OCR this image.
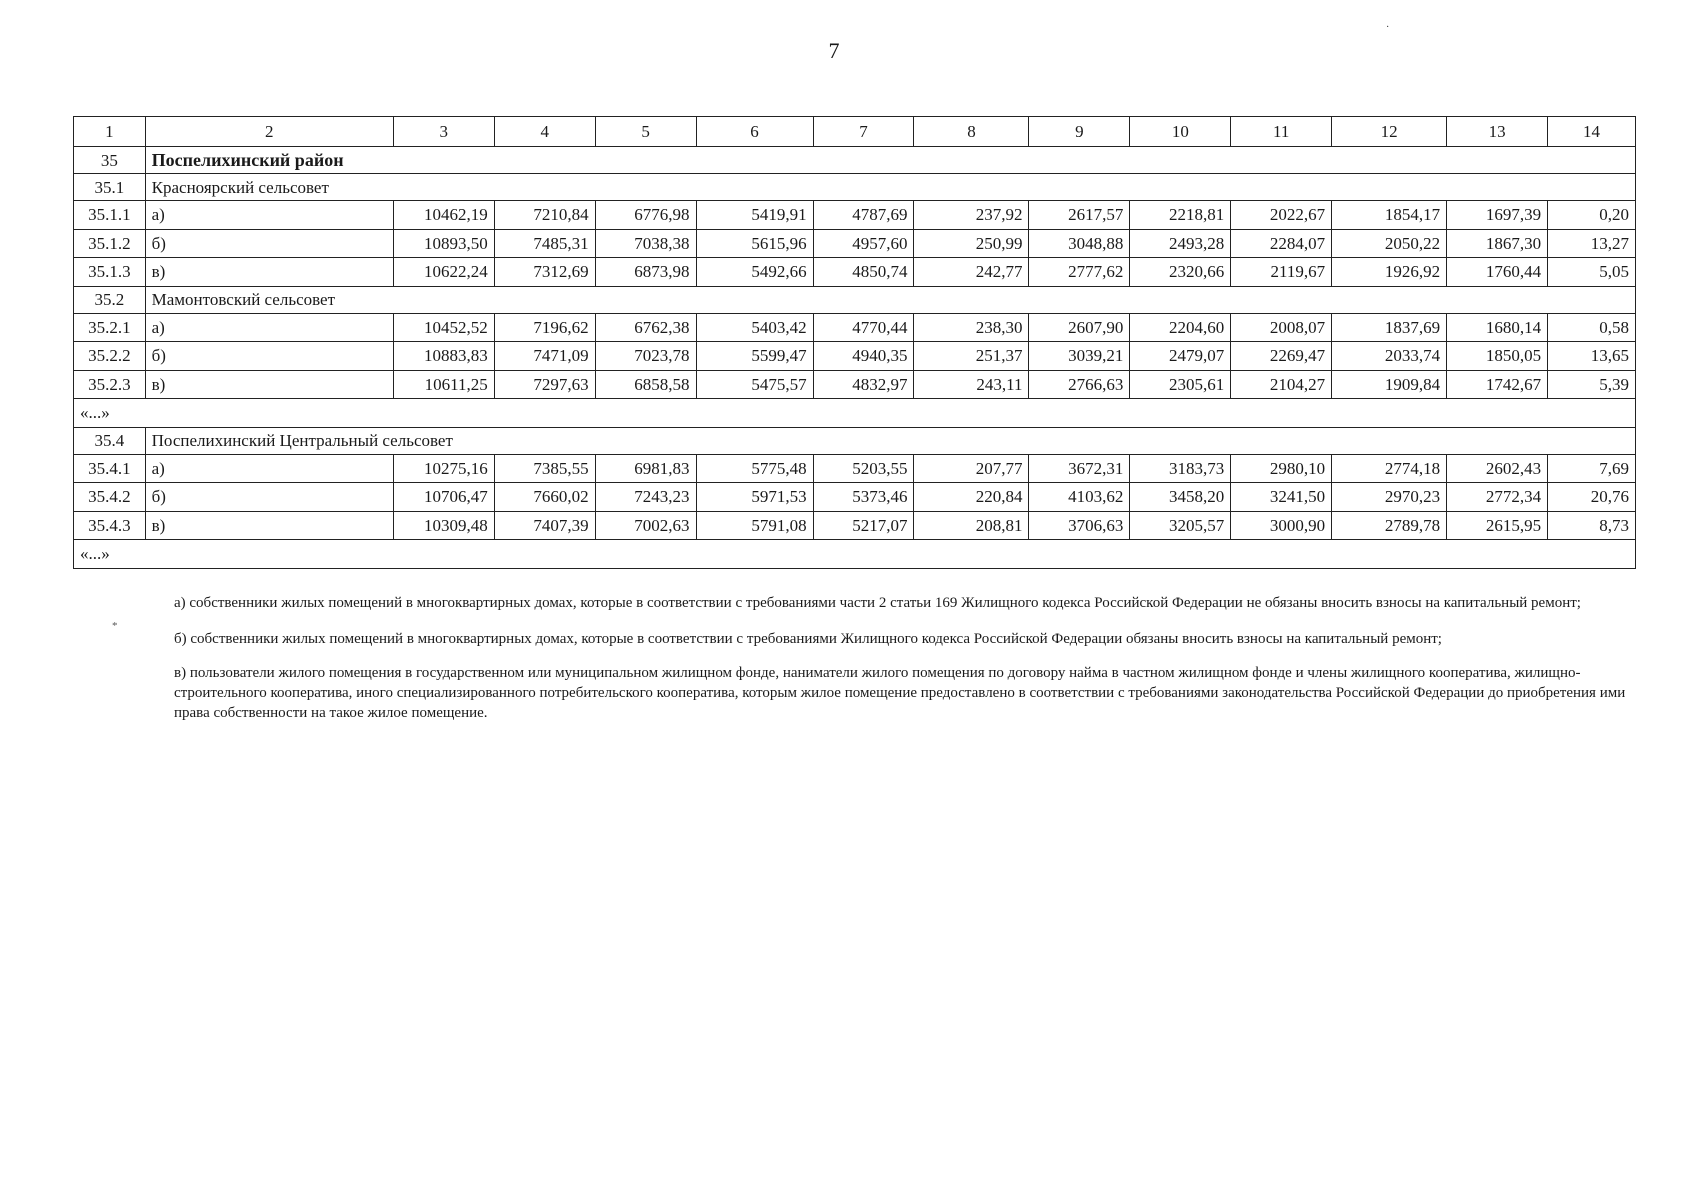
7
·
1	2	3	4	5	6	7	8	9	10	11	12	13	14
35	Поспелихинский район												
35.1	Красноярский сельсовет												
35.1.1	а)	10462,19	7210,84	6776,98	5419,91	4787,69	237,92	2617,57	2218,81	2022,67	1854,17	1697,39	0,20
35.1.2	б)	10893,50	7485,31	7038,38	5615,96	4957,60	250,99	3048,88	2493,28	2284,07	2050,22	1867,30	13,27
35.1.3	в)	10622,24	7312,69	6873,98	5492,66	4850,74	242,77	2777,62	2320,66	2119,67	1926,92	1760,44	5,05
35.2	Мамонтовский сельсовет												
35.2.1	а)	10452,52	7196,62	6762,38	5403,42	4770,44	238,30	2607,90	2204,60	2008,07	1837,69	1680,14	0,58
35.2.2	б)	10883,83	7471,09	7023,78	5599,47	4940,35	251,37	3039,21	2479,07	2269,47	2033,74	1850,05	13,65
35.2.3	в)	10611,25	7297,63	6858,58	5475,57	4832,97	243,11	2766,63	2305,61	2104,27	1909,84	1742,67	5,39
«...»													
35.4	Поспелихинский Центральный сельсовет												
35.4.1	а)	10275,16	7385,55	6981,83	5775,48	5203,55	207,77	3672,31	3183,73	2980,10	2774,18	2602,43	7,69
35.4.2	б)	10706,47	7660,02	7243,23	5971,53	5373,46	220,84	4103,62	3458,20	3241,50	2970,23	2772,34	20,76
35.4.3	в)	10309,48	7407,39	7002,63	5791,08	5217,07	208,81	3706,63	3205,57	3000,90	2789,78	2615,95	8,73
«...»													
*

а) собственники жилых помещений в многоквартирных домах, которые в соответствии с требованиями части 2 статьи 169 Жилищного кодекса Российской Федерации не обязаны вносить взносы на капитальный ремонт;

б) собственники жилых помещений в многоквартирных домах, которые в соответствии с требованиями Жилищного кодекса Российской Федерации обязаны вносить взносы на капитальный ремонт;

в) пользователи жилого помещения в государственном или муниципальном жилищном фонде, наниматели жилого помещения по договору найма в частном жилищном фонде и члены жилищного кооператива, жилищно-строительного кооператива, иного специализированного потребительского кооператива, которым жилое помещение предоставлено в соответствии с требованиями законодательства Российской Федерации до приобретения ими права собственности на такое жилое помещение.
